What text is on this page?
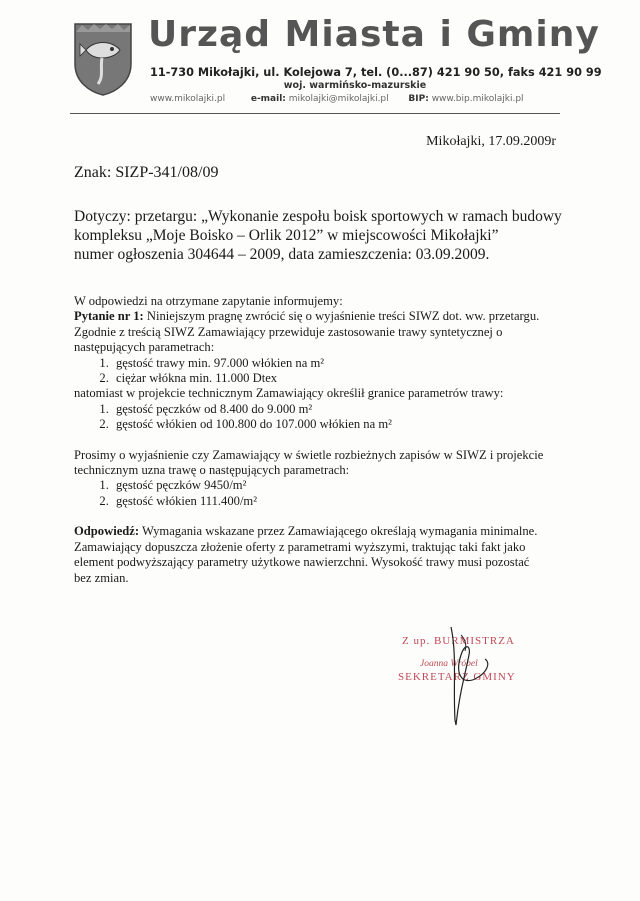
Urząd Miasta i Gminy
11-730 Mikołajki, ul. Kolejowa 7, tel. (0...87) 421 90 50, faks 421 90 99
woj. warmińsko-mazurskie
www.mikolajki.pl	e-mail: mikolajki@mikolajki.pl BIP: www.bip.mikolajki.pl
Mikołajki, 17.09.2009r
Znak: SIZP-341/08/09
Dotyczy: przetargu: „Wykonanie zespołu boisk sportowych w ramach budowy
kompleksu „Moje Boisko – Orlik 2012” w miejscowości Mikołajki”
numer ogłoszenia 304644 – 2009, data zamieszczenia: 03.09.2009.

W odpowiedzi na otrzymane zapytanie informujemy:

Pytanie nr 1: Niniejszym pragnę zwrócić się o wyjaśnienie treści SIWZ dot. ww. przetargu.

Zgodnie z treścią SIWZ Zamawiający przewiduje zastosowanie trawy syntetycznej o

następujących parametrach:

1. gęstość trawy min. 97.000 włókien na m²
2. ciężar włókna min. 11.000 Dtex

natomiast w projekcie technicznym Zamawiający określił granice parametrów trawy:

1. gęstość pęczków od 8.400 do 9.000 m²
2. gęstość włókien od 100.800 do 107.000 włókien na m²

Prosimy o wyjaśnienie czy Zamawiający w świetle rozbieżnych zapisów w SIWZ i projekcie

technicznym uzna trawę o następujących parametrach:

1. gęstość pęczków 9450/m²
2. gęstość włókien 111.400/m²

Odpowiedź: Wymagania wskazane przez Zamawiającego określają wymagania minimalne.

Zamawiający dopuszcza złożenie oferty z parametrami wyższymi, traktując taki fakt jako

element podwyższający parametry użytkowe nawierzchni. Wysokość trawy musi pozostać

bez zmian.

Z up. BURMISTRZA
Joanna Wróbel
SEKRETARZ GMINY
